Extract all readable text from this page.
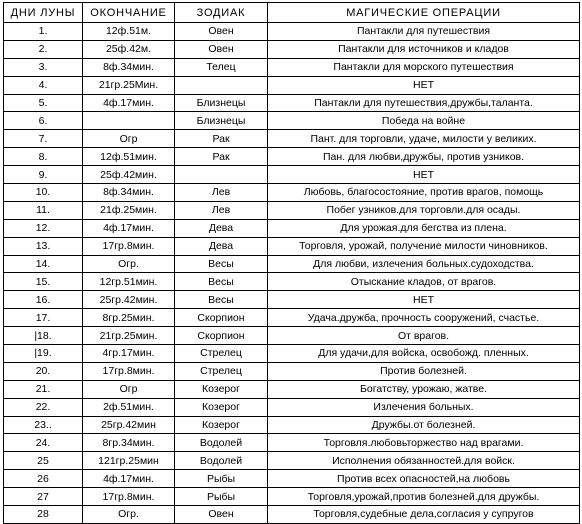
ДНИ ЛУНЫ	ОКОНЧАНИЕ	ЗОДИАК	МАГИЧЕСКИЕ ОПЕРАЦИИ
1.	12ф.51м.	Овен	Пантакли для путешествия
2.	25ф.42м.	Овен	Пантакли для источников и кладов
3.	8ф.34мин.	Телец	Пантакли для морского путешествия
4.	21гр.25Мин.		НЕТ
5.	4ф.17мин.	Близнецы	Пантакли для путешествия,дружбы,таланта.
6.		Близнецы	Победа на войне
7.	Огр	Рак	Пант. для торговли, удаче, милости у великих.
8.	12ф.51мин.	Рак	Пан. для любви,дружбы, против узников.
9.	25ф.42мин.		НЕТ
10.	8ф.34мин.	Лев	Любовь, благосостояние, против врагов, помощь
11.	21ф.25мин.	Лев	Побег узников.для торговли.для осады.
12.	4ф.17мин.	Дева	Для урожая.для бегства из плена.
13.	17гр.8мин.	Дева	Торговля, урожай, получение милости чиновников.
14.	Огр.	Весы	Для любви, излечения больных.судоходства.
15.	12гр.51мин.	Весы	Отыскание кладов, от врагов.
16.	25гр.42мин.	Весы	НЕТ
17.	8гр.25мин.	Скорпион	Удача.дружба, прочность сооружений, счастье.
|18.	21гр.25мин.	Скорпион	От врагов.
|19.	4гр.17мин.	Стрелец	Для удачи,для войска, освобожд. пленных.
20.	17гр.8мин.	Стрелец	Против болезней.
21.	Огр	Козерог	Богатству, урожаю, жатве.
22.	2ф.51мин.	Козерог	Излечения больных.
23..	25гр.42мин	Козерог	Дружбы.от болезней.
24.	8гр.34мин.	Водолей	Торговля.любовьторжество над врагами.
25	121гр.25мин	Водолей	Исполнения обязанностей.для войск.
26	4ф.17мин.	Рыбы	Против всех опасностей,на любовь
27	17гр.8мин.	Рыбы	Торговля,урожай,против болезней.для дружбы.
28	Огр.	Овен	Торговля,судебные дела,согласия у супругов
